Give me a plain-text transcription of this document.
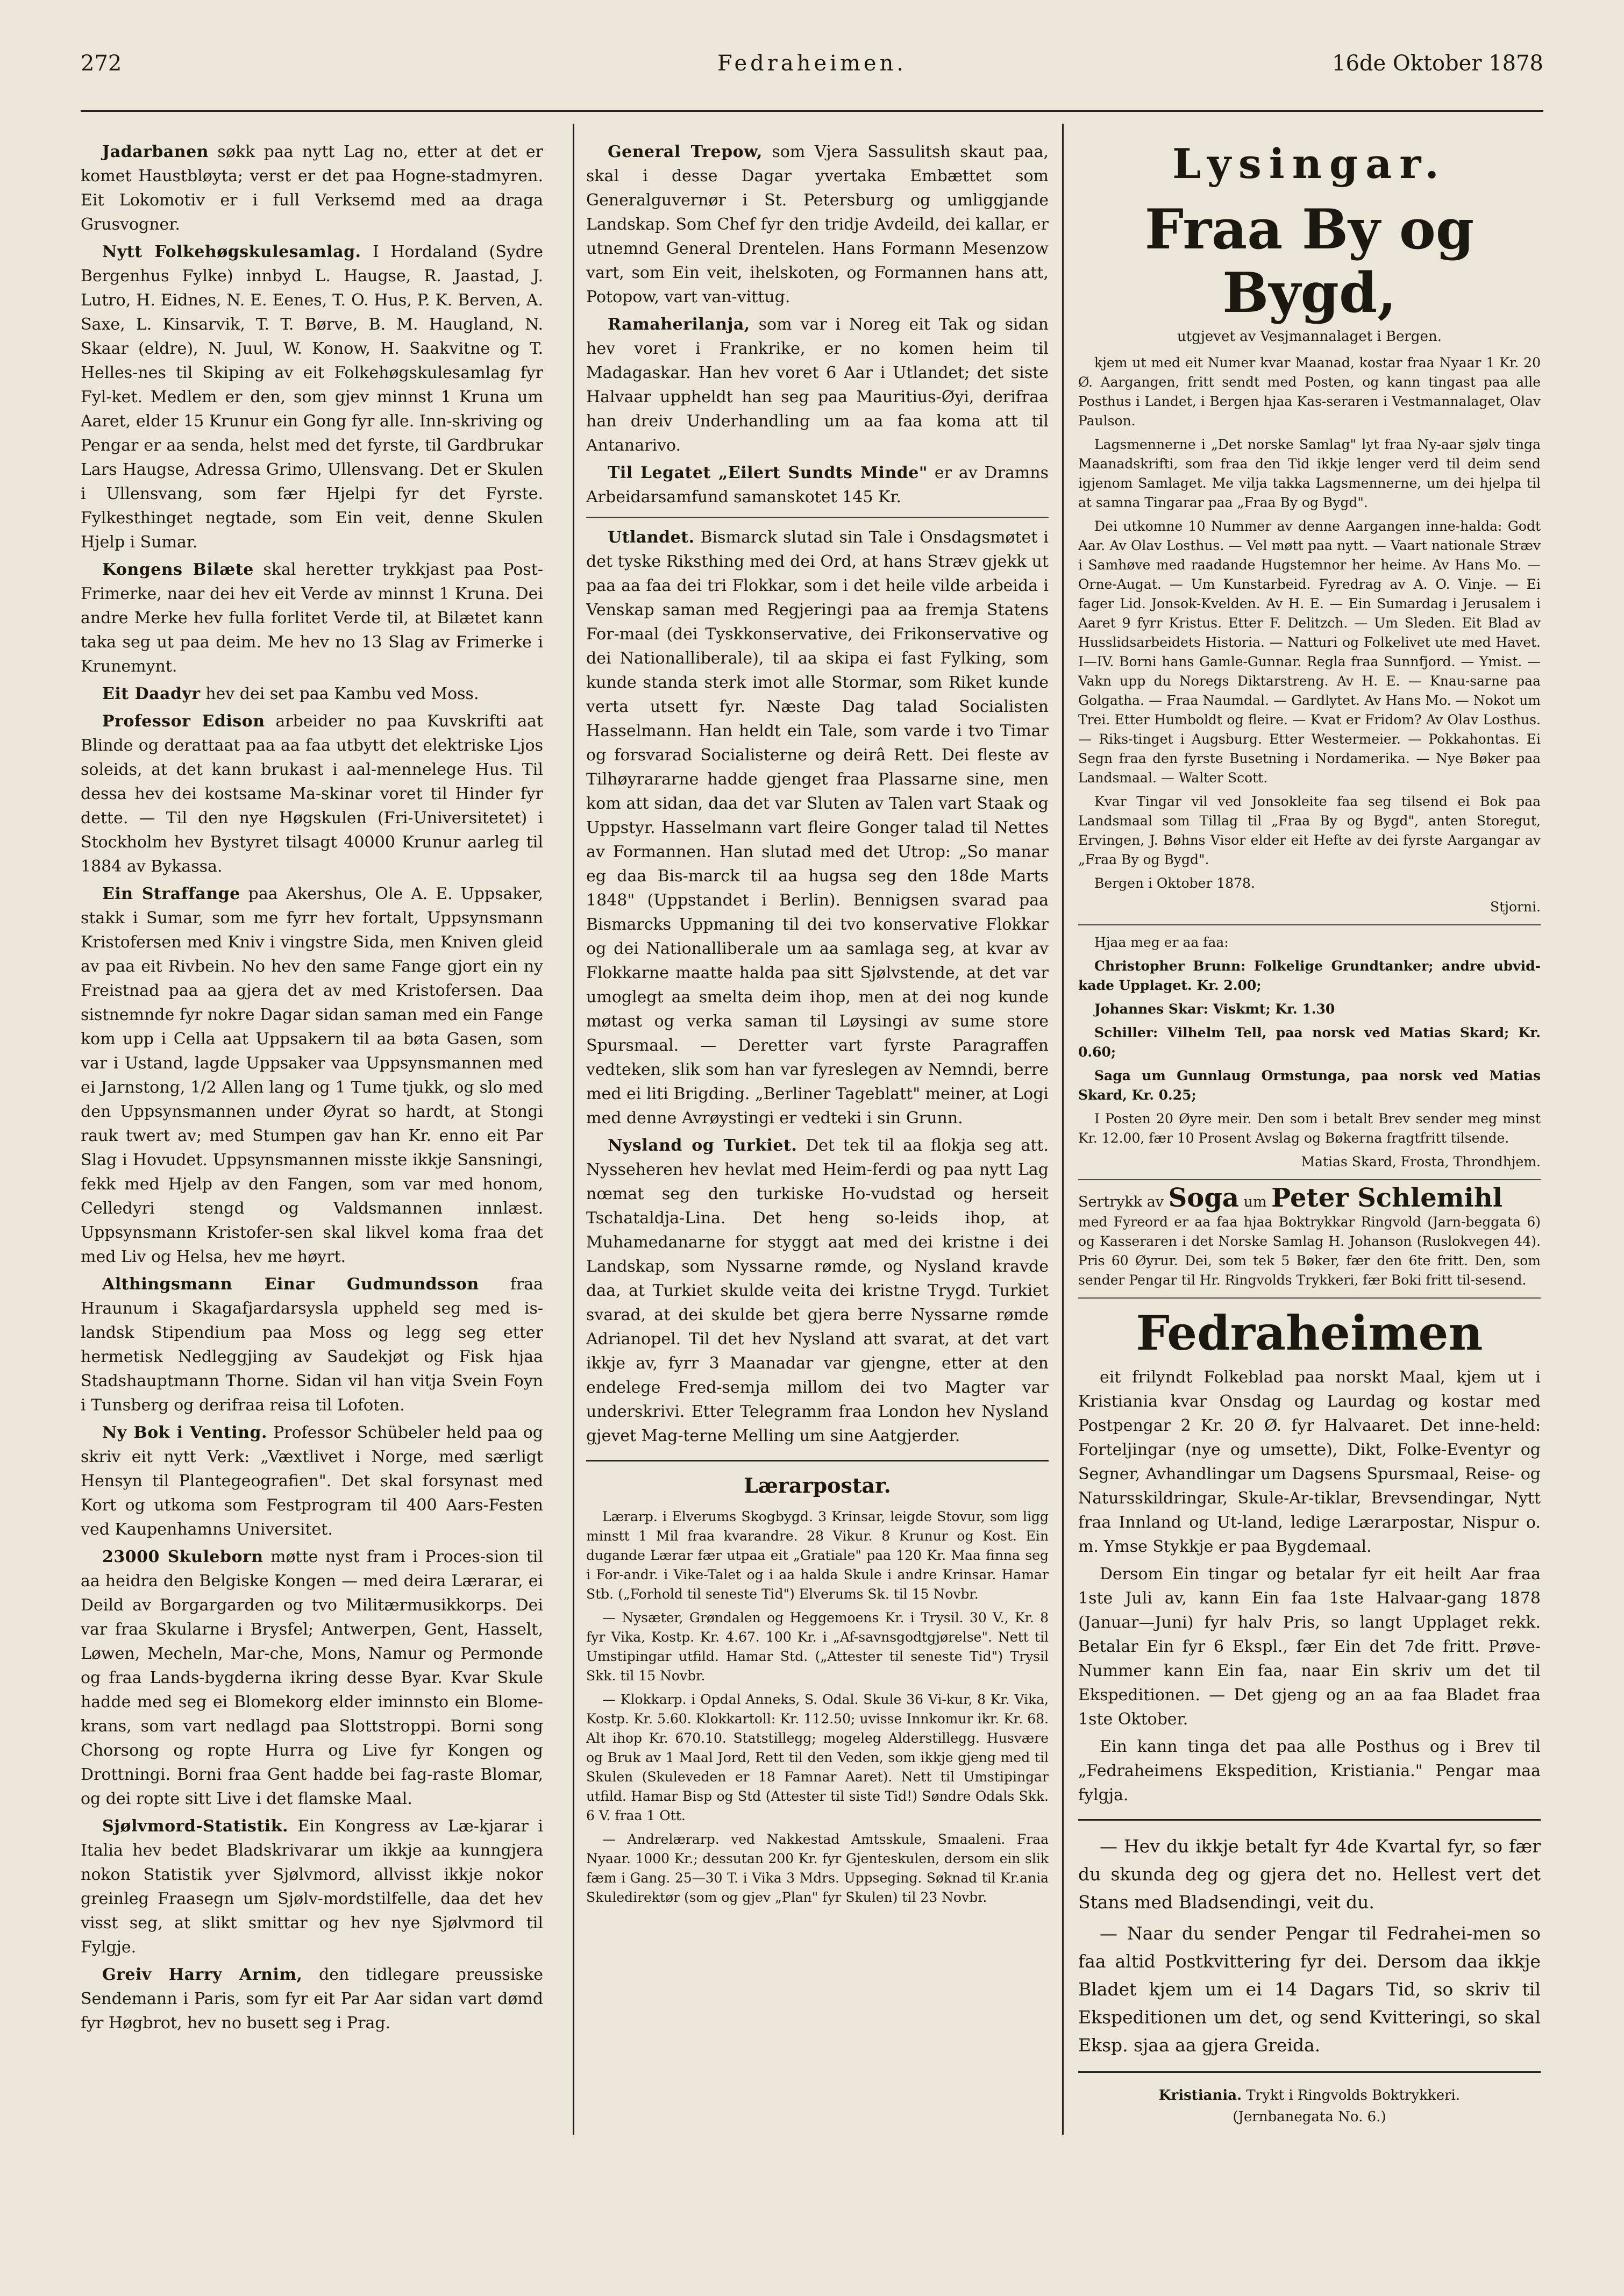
Fedraheimen.
272	16de Oktober 1878

Jadarbanen søkk paa nytt Lag no, etter at det er komet Haustbløyta; verst er det paa Hogne-stadmyren. Eit Lokomotiv er i full Verksemd med aa draga Grusvogner.

Nytt Folkehøgskulesamlag. I Hordaland (Sydre Bergenhus Fylke) innbyd L. Haugse, R. Jaastad, J. Lutro, H. Eidnes, N. E. Eenes, T. O. Hus, P. K. Berven, A. Saxe, L. Kinsarvik, T. T. Børve, B. M. Haugland, N. Skaar (eldre), N. Juul, W. Konow, H. Saakvitne og T. Helles-nes til Skiping av eit Folkehøgskulesamlag fyr Fyl-ket. Medlem er den, som gjev minnst 1 Kruna um Aaret, elder 15 Krunur ein Gong fyr alle. Inn-skriving og Pengar er aa senda, helst med det fyrste, til Gardbrukar Lars Haugse, Adressa Grimo, Ullensvang. Det er Skulen i Ullensvang, som fær Hjelpi fyr det Fyrste. Fylkesthinget negtade, som Ein veit, denne Skulen Hjelp i Sumar.

Kongens Bilæte skal heretter trykkjast paa Post-Frimerke, naar dei hev eit Verde av minnst 1 Kruna. Dei andre Merke hev fulla forlitet Verde til, at Bilætet kann taka seg ut paa deim. Me hev no 13 Slag av Frimerke i Krunemynt.

Eit Daadyr hev dei set paa Kambu ved Moss.

Professor Edison arbeider no paa Kuvskrifti aat Blinde og derattaat paa aa faa utbytt det elektriske Ljos soleids, at det kann brukast i aal-mennelege Hus. Til dessa hev dei kostsame Ma-skinar voret til Hinder fyr dette. — Til den nye Høgskulen (Fri-Universitetet) i Stockholm hev Bystyret tilsagt 40000 Krunur aarleg til 1884 av Bykassa.

Ein Straffange paa Akershus, Ole A. E. Uppsaker, stakk i Sumar, som me fyrr hev fortalt, Uppsynsmann Kristofersen med Kniv i vingstre Sida, men Kniven gleid av paa eit Rivbein. No hev den same Fange gjort ein ny Freistnad paa aa gjera det av med Kristofersen. Daa sistnemnde fyr nokre Dagar sidan saman med ein Fange kom upp i Cella aat Uppsakern til aa bøta Gasen, som var i Ustand, lagde Uppsaker vaa Uppsynsmannen med ei Jarnstong, 1/2 Allen lang og 1 Tume tjukk, og slo med den Uppsynsmannen under Øyrat so hardt, at Stongi rauk twert av; med Stumpen gav han Kr. enno eit Par Slag i Hovudet. Uppsynsmannen misste ikkje Sansningi, fekk med Hjelp av den Fangen, som var med honom, Celledyri stengd og Valdsmannen innlæst. Uppsynsmann Kristofer-sen skal likvel koma fraa det med Liv og Helsa, hev me høyrt.

Althingsmann Einar Gudmundsson fraa Hraunum i Skagafjardarsysla uppheld seg med is-landsk Stipendium paa Moss og legg seg etter hermetisk Nedleggjing av Saudekjøt og Fisk hjaa Stadshauptmann Thorne. Sidan vil han vitja Svein Foyn i Tunsberg og derifraa reisa til Lofoten.

Ny Bok i Venting. Professor Schübeler held paa og skriv eit nytt Verk: „Væxtlivet i Norge, med særligt Hensyn til Plantegeografien". Det skal forsynast med Kort og utkoma som Festprogram til 400 Aars-Festen ved Kaupenhamns Universitet.

23000 Skuleborn møtte nyst fram i Proces-sion til aa heidra den Belgiske Kongen — med deira Lærarar, ei Deild av Borgargarden og tvo Militærmusikkorps. Dei var fraa Skularne i Brysfel; Antwerpen, Gent, Hasselt, Løwen, Mecheln, Mar-che, Mons, Namur og Permonde og fraa Lands-bygderna ikring desse Byar. Kvar Skule hadde med seg ei Blomekorg elder iminnsto ein Blome-krans, som vart nedlagd paa Slottstroppi. Borni song Chorsong og ropte Hurra og Live fyr Kongen og Drottningi. Borni fraa Gent hadde bei fag-raste Blomar, og dei ropte sitt Live i det flamske Maal.

Sjølvmord-Statistik. Ein Kongress av Læ-kjarar i Italia hev bedet Bladskrivarar um ikkje aa kunngjera nokon Statistik yver Sjølvmord, allvisst ikkje nokor greinleg Fraasegn um Sjølv-mordstilfelle, daa det hev visst seg, at slikt smittar og hev nye Sjølvmord til Fylgje.

Greiv Harry Arnim, den tidlegare preussiske Sendemann i Paris, som fyr eit Par Aar sidan vart dømd fyr Høgbrot, hev no busett seg i Prag.

General Trepow, som Vjera Sassulitsh skaut paa, skal i desse Dagar yvertaka Embættet som Generalguvernør i St. Petersburg og umliggjande Landskap. Som Chef fyr den tridje Avdeild, dei kallar, er utnemnd General Drentelen. Hans Formann Mesenzow vart, som Ein veit, ihelskoten, og Formannen hans att, Potopow, vart van-vittug.

Ramaherilanja, som var i Noreg eit Tak og sidan hev voret i Frankrike, er no komen heim til Madagaskar. Han hev voret 6 Aar i Utlandet; det siste Halvaar uppheldt han seg paa Mauritius-Øyi, derifraa han dreiv Underhandling um aa faa koma att til Antanarivo.

Til Legatet „Eilert Sundts Minde" er av Dramns Arbeidarsamfund samanskotet 145 Kr.

Utlandet. Bismarck slutad sin Tale i Onsdagsmøtet i det tyske Riksthing med dei Ord, at hans Stræv gjekk ut paa aa faa dei tri Flokkar, som i det heile vilde arbeida i Venskap saman med Regjeringi paa aa fremja Statens For-maal (dei Tyskkonservative, dei Frikonservative og dei Nationalliberale), til aa skipa ei fast Fylking, som kunde standa sterk imot alle Stormar, som Riket kunde verta utsett fyr. Næste Dag talad Socialisten Hasselmann. Han heldt ein Tale, som varde i tvo Timar og forsvarad Socialisterne og deirâ Rett. Dei fleste av Tilhøyrararne hadde gjenget fraa Plassarne sine, men kom att sidan, daa det var Sluten av Talen vart Staak og Uppstyr. Hasselmann vart fleire Gonger talad til Nettes av Formannen. Han slutad med det Utrop: „So manar eg daa Bis-marck til aa hugsa seg den 18de Marts 1848" (Uppstandet i Berlin). Bennigsen svarad paa Bismarcks Uppmaning til dei tvo konservative Flokkar og dei Nationalliberale um aa samlaga seg, at kvar av Flokkarne maatte halda paa sitt Sjølvstende, at det var umoglegt aa smelta deim ihop, men at dei nog kunde møtast og verka saman til Løysingi av sume store Spursmaal. — Deretter vart fyrste Paragraffen vedteken, slik som han var fyreslegen av Nemndi, berre med ei liti Brigding. „Berliner Tageblatt" meiner, at Logi med denne Avrøystingi er vedteki i sin Grunn.

Nysland og Turkiet. Det tek til aa flokja seg att. Nysseheren hev hevlat med Heim-ferdi og paa nytt Lag nœmat seg den turkiske Ho-vudstad og herseit Tschataldja-Lina. Det heng so-leids ihop, at Muhamedanarne for styggt aat med dei kristne i dei Landskap, som Nyssarne rømde, og Nysland kravde daa, at Turkiet skulde veita dei kristne Trygd. Turkiet svarad, at dei skulde bet gjera berre Nyssarne rømde Adrianopel. Til det hev Nysland att svarat, at det vart ikkje av, fyrr 3 Maanadar var gjengne, etter at den endelege Fred-semja millom dei tvo Magter var underskrivi. Etter Telegramm fraa London hev Nysland gjevet Mag-terne Melling um sine Aatgjerder.

Lærarpostar.

Lærarp. i Elverums Skogbygd. 3 Krinsar, leigde Stovur, som ligg minstt 1 Mil fraa kvarandre. 28 Vikur. 8 Krunur og Kost. Ein dugande Lærar fær utpaa eit „Gratiale" paa 120 Kr. Maa finna seg i For-andr. i Vike-Talet og i aa halda Skule i andre Krinsar. Hamar Stb. („Forhold til seneste Tid") Elverums Sk. til 15 Novbr.

— Nysæter, Grøndalen og Heggemoens Kr. i Trysil. 30 V., Kr. 8 fyr Vika, Kostp. Kr. 4.67. 100 Kr. i „Af-savnsgodtgjørelse". Nett til Umstipingar utfild. Hamar Std. („Attester til seneste Tid") Trysil Skk. til 15 Novbr.

— Klokkarp. i Opdal Anneks, S. Odal. Skule 36 Vi-kur, 8 Kr. Vika, Kostp. Kr. 5.60. Klokkartoll: Kr. 112.50; uvisse Innkomur ikr. Kr. 68. Alt ihop Kr. 670.10. Statstillegg; mogeleg Alderstillegg. Husvære og Bruk av 1 Maal Jord, Rett til den Veden, som ikkje gjeng med til Skulen (Skuleveden er 18 Famnar Aaret). Nett til Umstipingar utfild. Hamar Bisp og Std (Attester til siste Tid!) Søndre Odals Skk. 6 V. fraa 1 Ott.

— Andrelærarp. ved Nakkestad Amtsskule, Smaaleni. Fraa Nyaar. 1000 Kr.; dessutan 200 Kr. fyr Gjenteskulen, dersom ein slik fæm i Gang. 25—30 T. i Vika 3 Mdrs. Uppseging. Søknad til Kr.ania Skuledirektør (som og gjev „Plan" fyr Skulen) til 23 Novbr.

Lysingar.
Fraa By og Bygd,
utgjevet av Vesjmannalaget i Bergen.

kjem ut med eit Numer kvar Maanad, kostar fraa Nyaar 1 Kr. 20 Ø. Aargangen, fritt sendt med Posten, og kann tingast paa alle Posthus i Landet, i Bergen hjaa Kas-seraren i Vestmannalaget, Olav Paulson.

Lagsmennerne i „Det norske Samlag" lyt fraa Ny-aar sjølv tinga Maanadskrifti, som fraa den Tid ikkje lenger verd til deim send igjenom Samlaget. Me vilja takka Lagsmennerne, um dei hjelpa til at samna Tingarar paa „Fraa By og Bygd".

Dei utkomne 10 Nummer av denne Aargangen inne-halda: Godt Aar. Av Olav Losthus. — Vel møtt paa nytt. — Vaart nationale Stræv i Samhøve med raadande Hugstemnor her heime. Av Hans Mo. — Orne-Augat. — Um Kunstarbeid. Fyredrag av A. O. Vinje. — Ei fager Lid. Jonsok-Kvelden. Av H. E. — Ein Sumardag i Jerusalem i Aaret 9 fyrr Kristus. Etter F. Delitzch. — Um Sleden. Eit Blad av Husslidsarbeidets Historia. — Natturi og Folkelivet ute med Havet. I—IV. Borni hans Gamle-Gunnar. Regla fraa Sunnfjord. — Ymist. — Vakn upp du Noregs Diktarstreng. Av H. E. — Knau-sarne paa Golgatha. — Fraa Naumdal. — Gardlytet. Av Hans Mo. — Nokot um Trei. Etter Humboldt og fleire. — Kvat er Fridom? Av Olav Losthus. — Riks-tinget i Augsburg. Etter Westermeier. — Pokkahontas. Ei Segn fraa den fyrste Busetning i Nordamerika. — Nye Bøker paa Landsmaal. — Walter Scott.

Kvar Tingar vil ved Jonsokleite faa seg tilsend ei Bok paa Landsmaal som Tillag til „Fraa By og Bygd", anten Storegut, Ervingen, J. Bøhns Visor elder eit Hefte av dei fyrste Aargangar av „Fraa By og Bygd".

Bergen i Oktober 1878.

Stjorni.

Hjaa meg er aa faa:

Christopher Brunn: Folkelige Grundtanker; andre ubvid-kade Upplaget. Kr. 2.00;

Johannes Skar: Viskmt; Kr. 1.30

Schiller: Vilhelm Tell, paa norsk ved Matias Skard; Kr. 0.60;

Saga um Gunnlaug Ormstunga, paa norsk ved Matias Skard, Kr. 0.25;

I Posten 20 Øyre meir. Den som i betalt Brev sender meg minst Kr. 12.00, fær 10 Prosent Avslag og Bøkerna fragtfritt tilsende.

Matias Skard, Frosta, Throndhjem.

Sertrykk av Soga um Peter Schlemihl
med Fyreord er aa faa hjaa Boktrykkar Ringvold (Jarn-beggata 6) og Kasseraren i det Norske Samlag H. Johanson (Ruslokvegen 44). Pris 60 Øyrur. Dei, som tek 5 Bøker, fær den 6te fritt. Den, som sender Pengar til Hr. Ringvolds Trykkeri, fær Boki fritt til-sesend.
Fedraheimen

eit frilyndt Folkeblad paa norskt Maal, kjem ut i Kristiania kvar Onsdag og Laurdag og kostar med Postpengar 2 Kr. 20 Ø. fyr Halvaaret. Det inne-held: Forteljingar (nye og umsette), Dikt, Folke-Eventyr og Segner, Avhandlingar um Dagsens Spursmaal, Reise- og Natursskildringar, Skule-Ar-tiklar, Brevsendingar, Nytt fraa Innland og Ut-land, ledige Lærarpostar, Nispur o. m. Ymse Stykkje er paa Bygdemaal.

Dersom Ein tingar og betalar fyr eit heilt Aar fraa 1ste Juli av, kann Ein faa 1ste Halvaar-gang 1878 (Januar—Juni) fyr halv Pris, so langt Upplaget rekk. Betalar Ein fyr 6 Ekspl., fær Ein det 7de fritt. Prøve-Nummer kann Ein faa, naar Ein skriv um det til Ekspeditionen. — Det gjeng og an aa faa Bladet fraa 1ste Oktober.

Ein kann tinga det paa alle Posthus og i Brev til „Fedraheimens Ekspedition, Kristiania." Pengar maa fylgja.

— Hev du ikkje betalt fyr 4de Kvartal fyr, so fær du skunda deg og gjera det no. Hellest vert det Stans med Bladsendingi, veit du.

— Naar du sender Pengar til Fedrahei-men so faa altid Postkvittering fyr dei. Dersom daa ikkje Bladet kjem um ei 14 Dagars Tid, so skriv til Ekspeditionen um det, og send Kvitteringi, so skal Eksp. sjaa aa gjera Greida.

Kristiania. Trykt i Ringvolds Boktrykkeri.
(Jernbanegata No. 6.)
